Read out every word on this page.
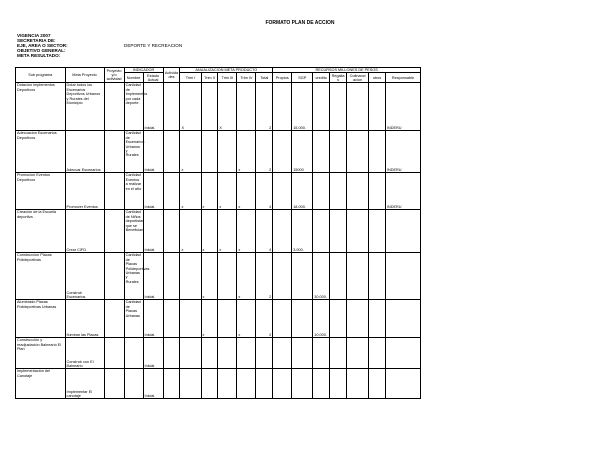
FORMATO PLAN DE ACCION
VIGENCIA 2007
SECRETARIA DE:
EJE, AREA O SECTOR:
OBJETIVO GENERAL:
META RESULTADO:
DEPORTE Y RECREACION
Sub programa	Meta Proyecto	Proyecto y/o actividad	INDICADOR		Activida des	ANUALIZACION META PRODUCTO					RECURSOS MILLONES DE PESOS						
			Nombre	Estado Actual		Trim I	Trim II	Trim III	Trim IV	Total	Propios	SGP	credito	Regalia s	Cofinanci acion	otros	Responsable
Dotacion Implementos Deportivos	Dotar todos los Escenarios Deportivos Urbanos y Rurales del Municipio		Cantidad de Implementos por cada deporte.	Inicial.		X		X		2		15.000.					INDERU
Adecuacion Escenarios Deportivos.	Adecuar Escenarios		Cantidad de Escenarios Urbanos y Rurales	Inicial.		x			x	2		15000					INDERU
Promocion Eventos Deportivos	Promover Eventos		Cantidad Eventos a realizar en el año	Inicial.		x	x	x	x	4		18.000.					INDERU
Creación de la Escuela deportiva	Crear CIFD.		Cantidad de Niños deportistas que se Benefician	Inicial.		x	x	x	x	4		3.000.					
Construccion Placas Polideportivas	Construir Escenarios.		Cantidad de Placas Polideportivas Urbanas y Rurales	Inicial.			x		x	2			30.000.				
Alumbrado Placas Polideportivas Urbanas	Iluminar las Placas		Cantidad de Placas Urbanas	Inicial.			x		x	2			10.000.				
Construcción y readjustación Balneario El Plan	Construir con El Balneario			Inicial.													
Implementación del Canotaje	Implementar El canotaje			Inicial.													
